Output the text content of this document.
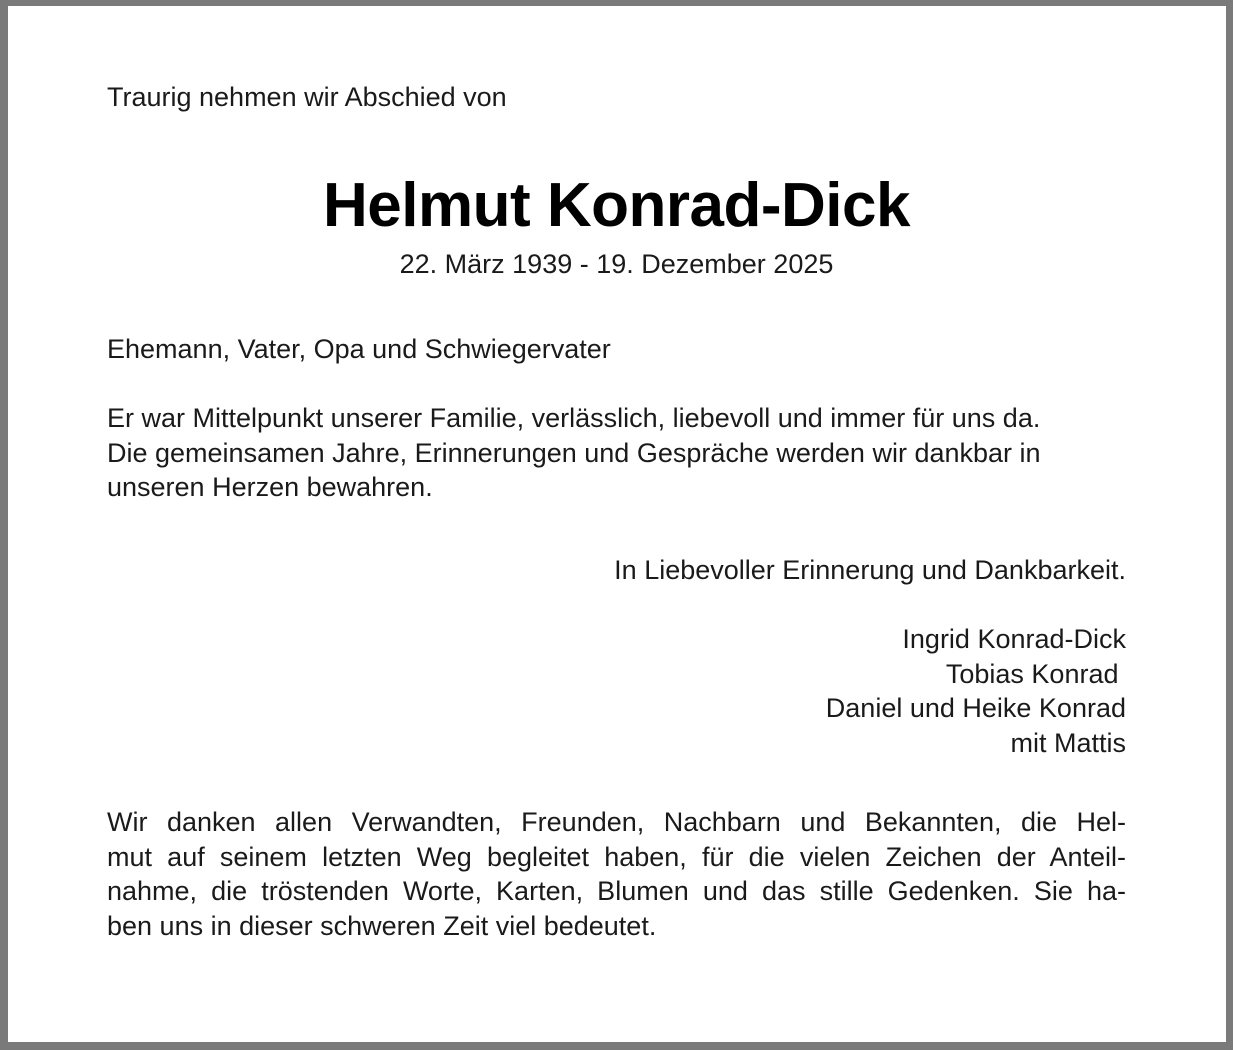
Traurig nehmen wir Abschied von
Helmut Konrad-Dick
22. März 1939 - 19. Dezember 2025
Ehemann, Vater, Opa und Schwiegervater
Er war Mittelpunkt unserer Familie, verlässlich, liebevoll und immer für uns da.
Die gemeinsamen Jahre, Erinnerungen und Gespräche werden wir dankbar in
unseren Herzen bewahren.
In Liebevoller Erinnerung und Dankbarkeit.
Ingrid Konrad-Dick
Tobias Konrad
Daniel und Heike Konrad
mit Mattis
Wir danken allen Verwandten, Freunden, Nachbarn und Bekannten, die Hel-
mut auf seinem letzten Weg begleitet haben, für die vielen Zeichen der Anteil-
nahme, die tröstenden Worte, Karten, Blumen und das stille Gedenken. Sie ha-
ben uns in dieser schweren Zeit viel bedeutet.
